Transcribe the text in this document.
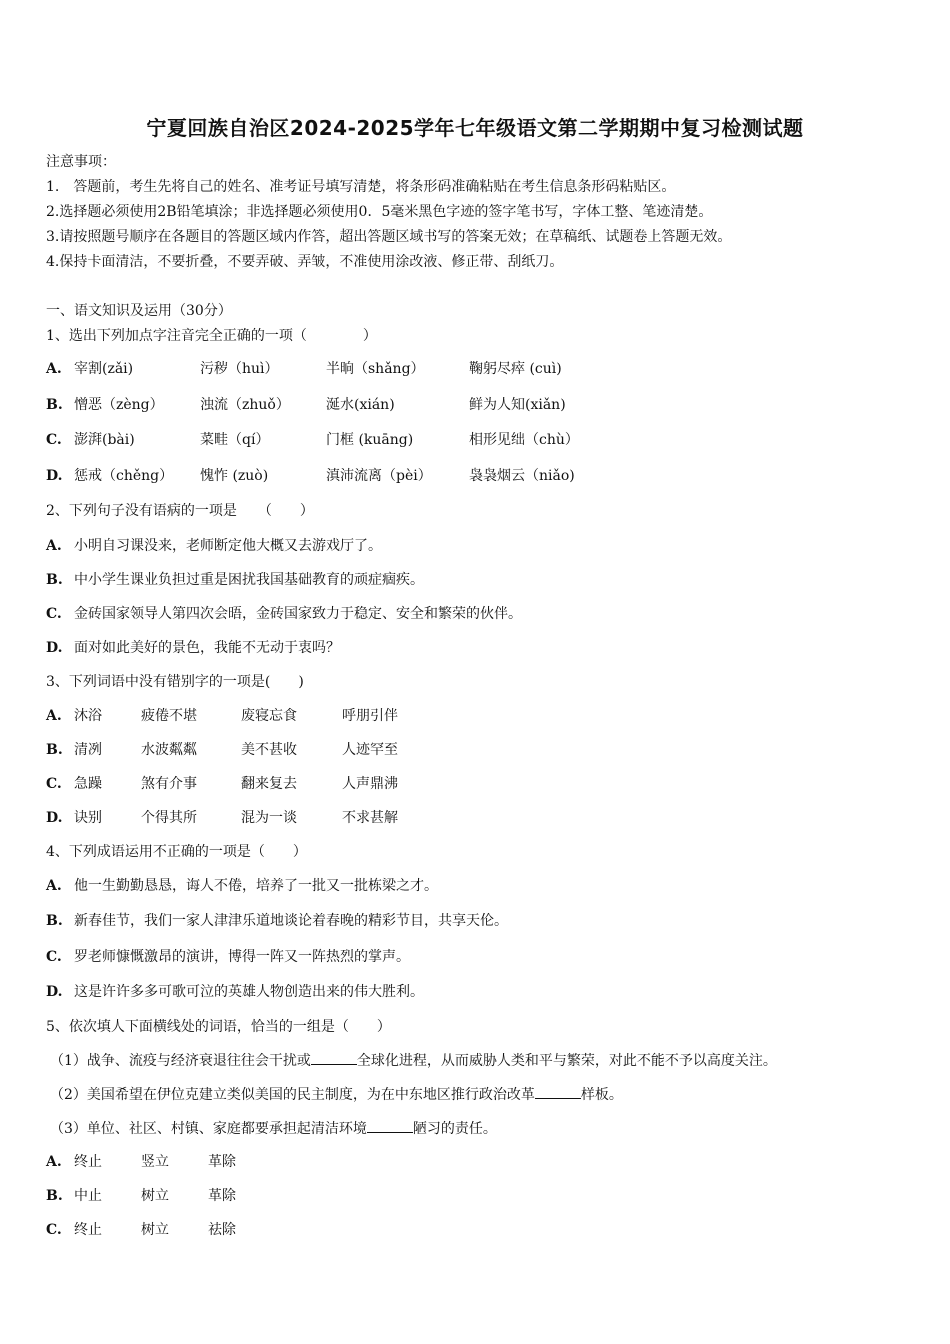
宁夏回族自治区2024-2025学年七年级语文第二学期期中复习检测试题
注意事项：
1.　答题前，考生先将自己的姓名、准考证号填写清楚，将条形码准确粘贴在考生信息条形码粘贴区。
2.选择题必须使用2B铅笔填涂；非选择题必须使用0．5毫米黑色字迹的签字笔书写，字体工整、笔迹清楚。
3.请按照题号顺序在各题目的答题区域内作答，超出答题区域书写的答案无效；在草稿纸、试题卷上答题无效。
4.保持卡面清洁，不要折叠，不要弄破、弄皱，不准使用涂改液、修正带、刮纸刀。
一、语文知识及运用（30分）
1、选出下列加点字注音完全正确的一项（　　　　）
A. 宰割(zǎi)	污秽（huì）	半晌（shǎng）	鞠躬尽瘁 (cuì)
B. 憎恶（zèng）	浊流（zhuǒ）	涎水(xián)	鲜为人知(xiǎn)
C. 澎湃(bài)	菜畦（qí）	门框 (kuāng)	相形见绌（chù）
D. 惩戒（chěng） 愧怍 (zuò)	滇沛流离（pèi）	袅袅烟云（niǎo)
2、下列句子没有语病的一项是　　（　　）
A. 小明自习课没来，老师断定他大概又去游戏厅了。
B. 中小学生课业负担过重是困扰我国基础教育的顽症痼疾。
C. 金砖国家领导人第四次会晤，金砖国家致力于稳定、安全和繁荣的伙伴。
D. 面对如此美好的景色，我能不无动于衷吗？
3、下列词语中没有错别字的一项是(　　)
A. 沐浴	疲倦不堪	废寝忘食	呼朋引伴
B. 清冽	水波粼粼	美不甚收	人迹罕至
C. 急躁	煞有介事	翻来复去	人声鼎沸
D. 诀别	个得其所	混为一谈	不求甚解
4、下列成语运用不正确的一项是（　　）
A. 他一生勤勤恳恳，诲人不倦，培养了一批又一批栋梁之才。
B. 新春佳节，我们一家人津津乐道地谈论着春晚的精彩节目，共享天伦。
C. 罗老师慷慨激昂的演讲，博得一阵又一阵热烈的掌声。
D. 这是许许多多可歌可泣的英雄人物创造出来的伟大胜利。
5、依次填人下面横线处的词语，恰当的一组是（　　）
（1）战争、流疫与经济衰退往往会干扰或	全球化进程，从而威胁人类和平与繁荣，对此不能不予以高度关注。
（2）美国希望在伊位克建立类似美国的民主制度，为在中东地区推行政治改革	样板。
（3）单位、社区、村镇、家庭都要承担起清洁环境	陋习的责任。
A. 终止	竖立	革除
B. 中止	树立	革除
C. 终止	树立	祛除
